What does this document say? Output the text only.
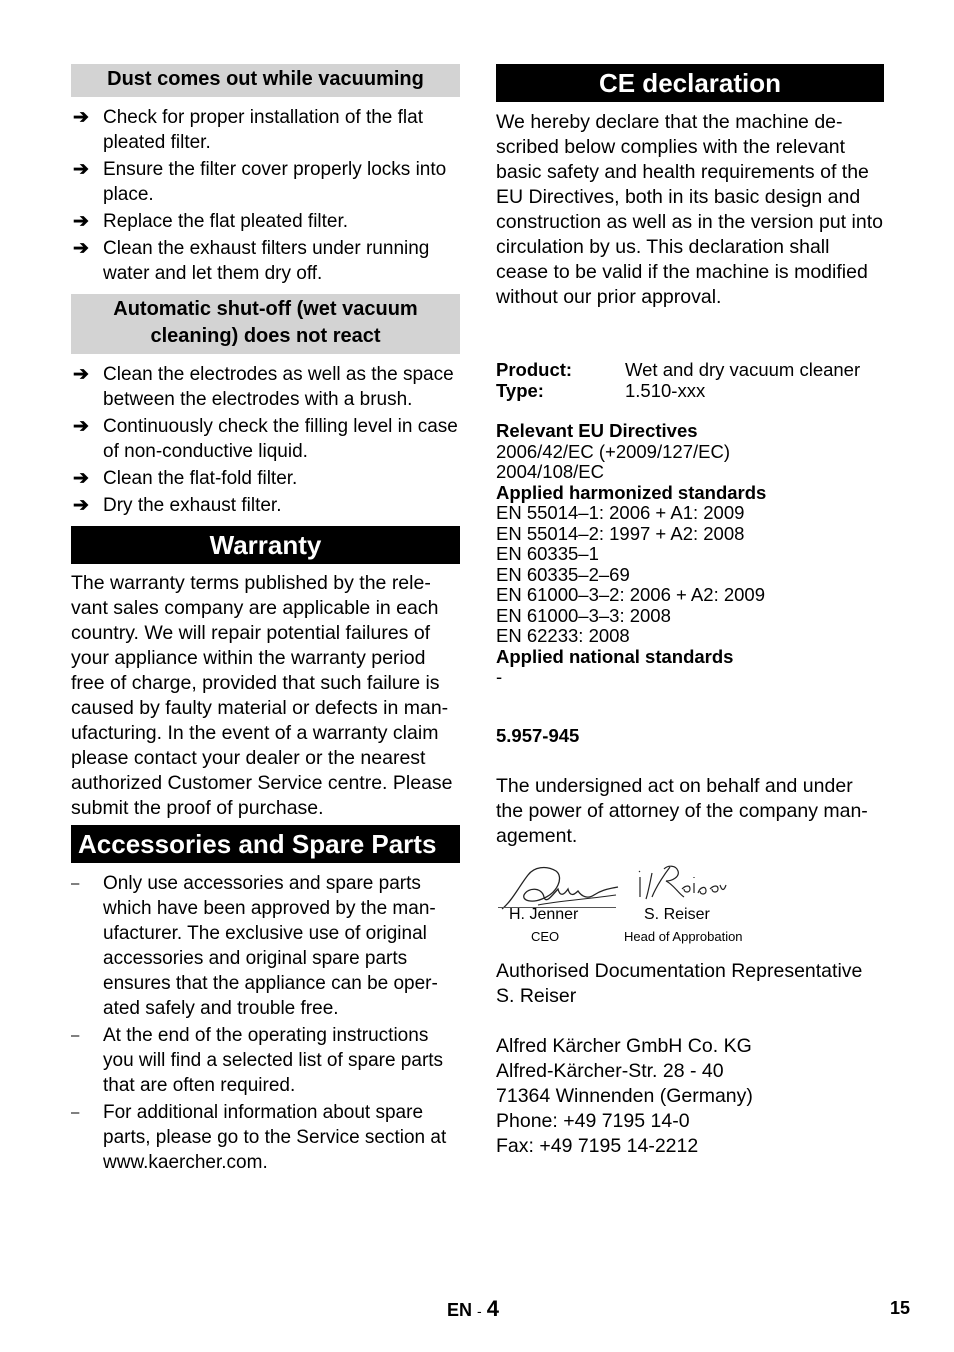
Dust comes out while vacuuming
➔ Check for proper installation of the flat pleated filter.
➔ Ensure the filter cover properly locks into place.
➔ Replace the flat pleated filter.
➔ Clean the exhaust filters under running water and let them dry off.
Automatic shut-off (wet vacuum cleaning) does not react
➔ Clean the electrodes as well as the space between the electrodes with a brush.
➔ Continuously check the filling level in case of non-conductive liquid.
➔ Clean the flat-fold filter.
➔ Dry the exhaust filter.
Warranty
The warranty terms published by the rele-vant sales company are applicable in each country. We will repair potential failures of your appliance within the warranty period free of charge, provided that such failure is caused by faulty material or defects in man-ufacturing. In the event of a warranty claim please contact your dealer or the nearest authorized Customer Service centre. Please submit the proof of purchase.
Accessories and Spare Parts
– Only use accessories and spare parts which have been approved by the man-ufacturer. The exclusive use of original accessories and original spare parts ensures that the appliance can be oper-ated safely and trouble free.
– At the end of the operating instructions you will find a selected list of spare parts that are often required.
– For additional information about spare parts, please go to the Service section at www.kaercher.com.
CE declaration
We hereby declare that the machine de-scribed below complies with the relevant basic safety and health requirements of the EU Directives, both in its basic design and construction as well as in the version put into circulation by us. This declaration shall cease to be valid if the machine is modified without our prior approval.
Product:	Wet and dry vacuum cleaner
Type:	1.510-xxx
Relevant EU Directives
2006/42/EC (+2009/127/EC)
2004/108/EC
Applied harmonized standards
EN 55014–1: 2006 + A1: 2009
EN 55014–2: 1997 + A2: 2008
EN 60335–1
EN 60335–2–69
EN 61000–3–2: 2006 + A2: 2009
EN 61000–3–3: 2008
EN 62233: 2008
Applied national standards
-
5.957-945
The undersigned act on behalf and under the power of attorney of the company man-agement.
H. Jenner
CEO
S. Reiser
Head of Approbation
Authorised Documentation Representative
S. Reiser
Alfred Kärcher GmbH Co. KG
Alfred-Kärcher-Str. 28 - 40
71364 Winnenden (Germany)
Phone: +49 7195 14-0
Fax: +49 7195 14-2212
EN - 4	15
